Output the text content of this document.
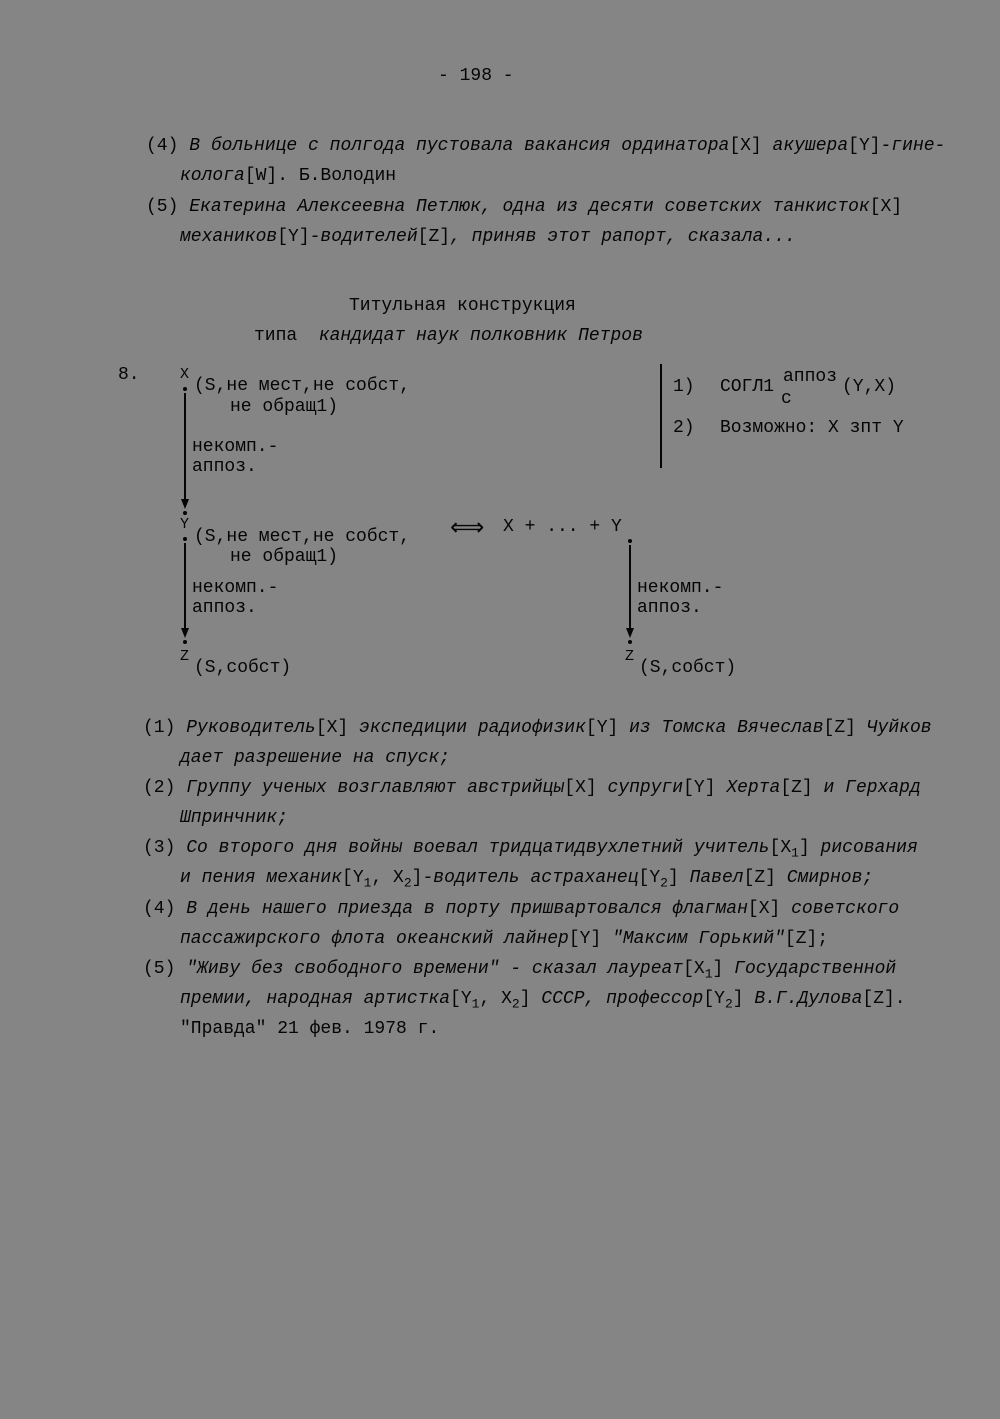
- 198 -
(4) В больнице с полгода пустовала вакансия ординатора[X] акушера[Y]-гине-
колога[W]. Б.Володин
(5) Екатерина Алексеевна Петлюк, одна из десяти советских танкисток[X]
механиков[Y]-водителей[Z], приняв этот рапорт, сказала...
Титульная конструкция
типа кандидат наук полковник Петров
8.	X
(S,не мест,не собст,
не обращ1)
некомп.-
аппоз.
Y
(S,не мест,не собст,
не обращ1)
некомп.-
аппоз.
Z
(S,собст)
⟺ X + ... + Y
некомп.-
аппоз.
Z
(S,собст)
1) СОГЛ1 аппоз
с
(Y,X)
2) Возможно: X зпт Y
(1) Руководитель[X] экспедиции радиофизик[Y] из Томска Вячеслав[Z] Чуйков
дает разрешение на спуск;
(2) Группу ученых возглавляют австрийцы[X] супруги[Y] Херта[Z] и Герхард
Шпринчник;
(3) Со второго дня войны воевал тридцатидвухлетний $учитель[X_1]$ рисования
и пения $механик[Y_1$, $X_2$]-водитель $астраханец[Y_2]$ Павел[Z] Смирнов;
(4) В день нашего приезда в порту пришвартовался флагман[X] советского
пассажирского флота океанский лайнер[Y] "Максим Горький"[Z];
(5) "Живу без свободного времени" - сказал $лауреат[X_1]$ Государственной
премии, народная $артистка[Y_1$, $X_2$] СССР, $профессор[Y_2]$ В.Г.Дулова[Z].
"Правда" 21 фев. 1978 г.
